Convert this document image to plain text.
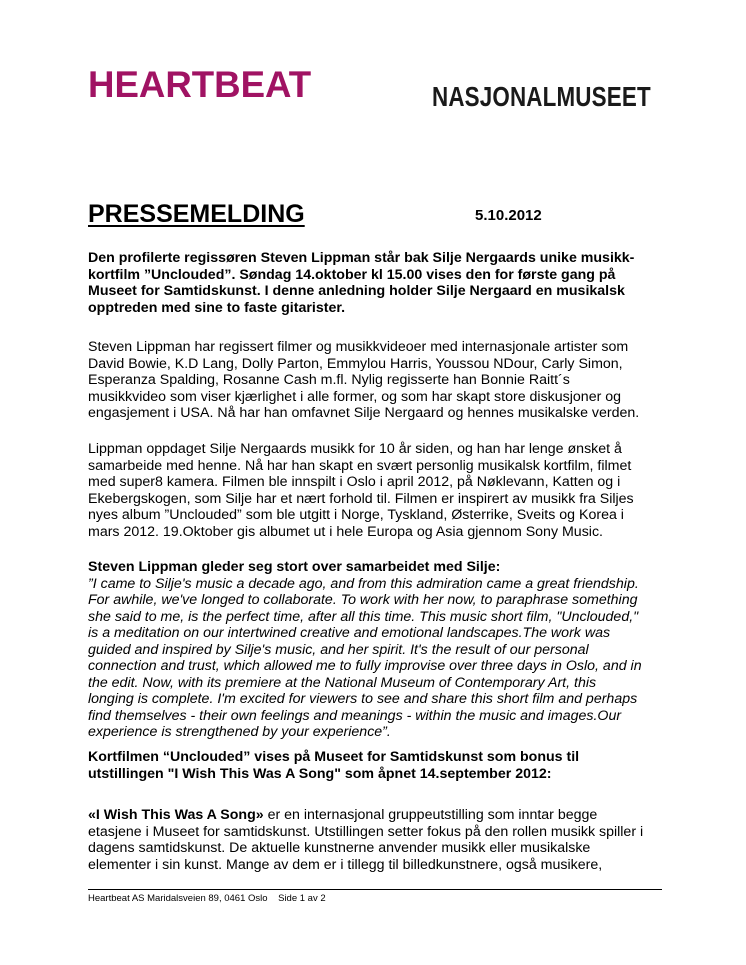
HEARTBEAT	NASJONALMUSEET
PRESSEMELDING	5.10.2012
Den profilerte regissøren Steven Lippman står bak Silje Nergaards unike musikk-
kortfilm ”Unclouded”. Søndag 14.oktober kl 15.00 vises den for første gang på
Museet for Samtidskunst. I denne anledning holder Silje Nergaard en musikalsk
opptreden med sine to faste gitarister.
Steven Lippman har regissert filmer og musikkvideoer med internasjonale artister som
David Bowie, K.D Lang, Dolly Parton, Emmylou Harris, Youssou NDour, Carly Simon,
Esperanza Spalding, Rosanne Cash m.fl. Nylig regisserte han Bonnie Raitt´s
musikkvideo som viser kjærlighet i alle former, og som har skapt store diskusjoner og
engasjement i USA. Nå har han omfavnet Silje Nergaard og hennes musikalske verden.
Lippman oppdaget Silje Nergaards musikk for 10 år siden, og han har lenge ønsket å
samarbeide med henne. Nå har han skapt en svært personlig musikalsk kortfilm, filmet
med super8 kamera. Filmen ble innspilt i Oslo i april 2012, på Nøklevann, Katten og i
Ekebergskogen, som Silje har et nært forhold til. Filmen er inspirert av musikk fra Siljes
nyes album ”Unclouded” som ble utgitt i Norge, Tyskland, Østerrike, Sveits og Korea i
mars 2012. 19.Oktober gis albumet ut i hele Europa og Asia gjennom Sony Music.
Steven Lippman gleder seg stort over samarbeidet med Silje:
”I came to Silje's music a decade ago, and from this admiration came a great friendship.
For awhile, we've longed to collaborate. To work with her now, to paraphrase something
she said to me, is the perfect time, after all this time. This music short film, "Unclouded,"
is a meditation on our intertwined creative and emotional landscapes.The work was
guided and inspired by Silje's music, and her spirit. It's the result of our personal
connection and trust, which allowed me to fully improvise over three days in Oslo, and in
the edit. Now, with its premiere at the National Museum of Contemporary Art, this
longing is complete. I'm excited for viewers to see and share this short film and perhaps
find themselves - their own feelings and meanings - within the music and images.Our
experience is strengthened by your experience”.
Kortfilmen “Unclouded” vises på Museet for Samtidskunst som bonus til
utstillingen "I Wish This Was A Song" som åpnet 14.september 2012:
«I Wish This Was A Song» er en internasjonal gruppeutstilling som inntar begge
etasjene i Museet for samtidskunst. Utstillingen setter fokus på den rollen musikk spiller i
dagens samtidskunst. De aktuelle kunstnerne anvender musikk eller musikalske
elementer i sin kunst. Mange av dem er i tillegg til billedkunstnere, også musikere,
Heartbeat AS Maridalsveien 89, 0461 Oslo    Side 1 av 2
